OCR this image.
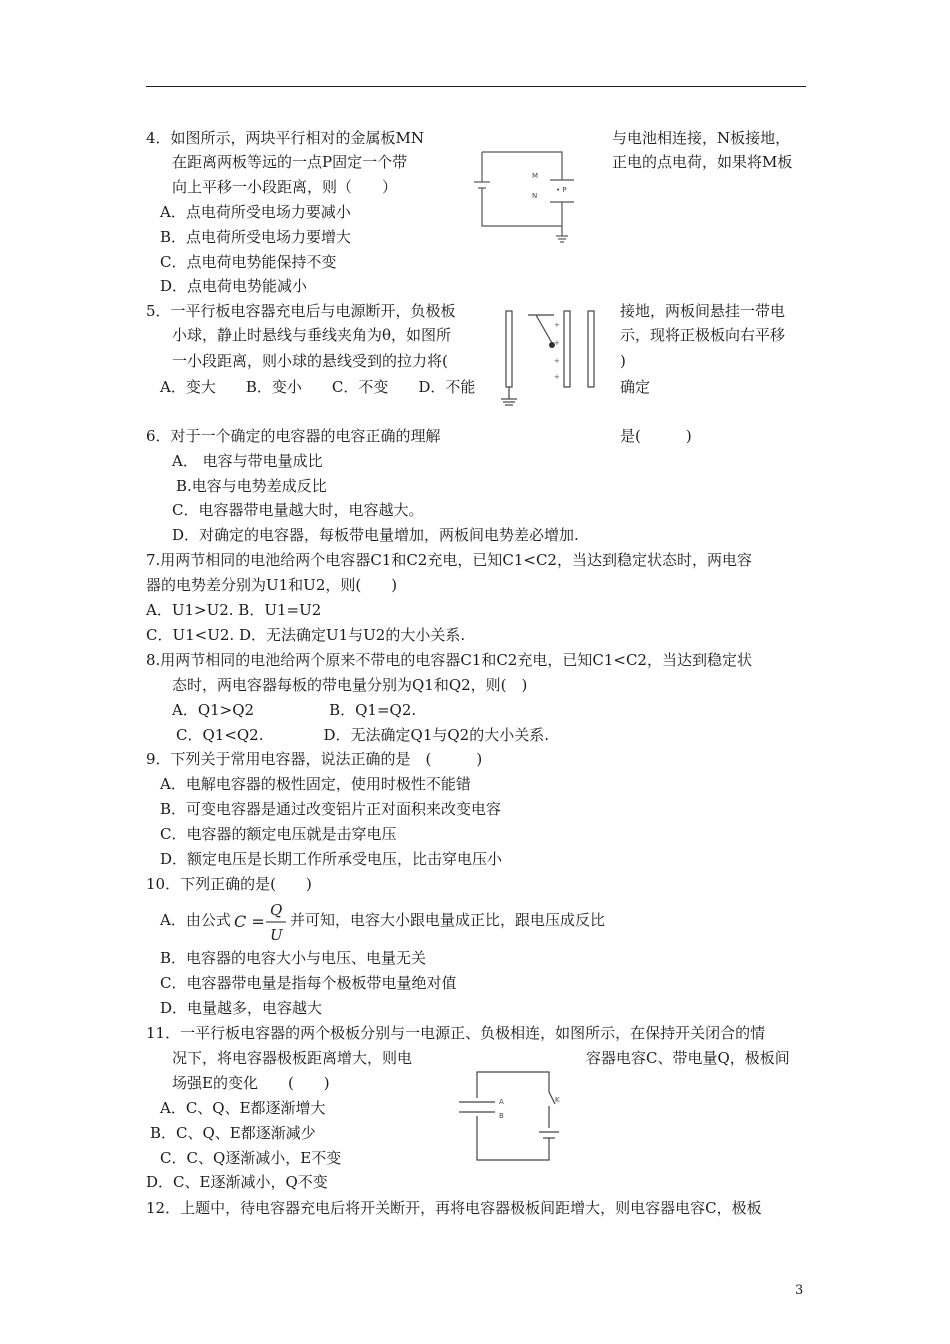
4．如图所示，两块平行相对的金属板MN	与电池相连接，N板接地，
在距离两板等远的一点P固定一个带	正电的点电荷，如果将M板
向上平移一小段距离，则（　　）
A．点电荷所受电场力要减小
B．点电荷所受电场力要增大
C．点电荷电势能保持不变
D．点电荷电势能减小
M
N
• P
5．一平行板电容器充电后与电源断开，负极板	接地，两板间悬挂一带电
小球，静止时悬线与垂线夹角为θ，如图所	示，现将正极板向右平移
一小段距离，则小球的悬线受到的拉力将(	)
A．变大　　B．变小　　C．不变　　D．不能	确定
+
+
+
+
6．对于一个确定的电容器的电容正确的理解	是(　　　)
A． 电容与带电量成比
B.电容与电势差成反比
C．电容器带电量越大时，电容越大。
D．对确定的电容器，每板带电量增加，两板间电势差必增加.
7.用两节相同的电池给两个电容器C1和C2充电，已知C1<C2，当达到稳定状态时，两电容
器的电势差分别为U1和U2，则(　　)
A．U1>U2. B．U1=U2
C．U1<U2. D．无法确定U1与U2的大小关系.
8.用两节相同的电池给两个原来不带电的电容器C1和C2充电，已知C1<C2，当达到稳定状
态时，两电容器每板的带电量分别为Q1和Q2，则(　)
A．Q1>Q2　　　　　B．Q1=Q2.
C．Q1<Q2.　　　　D．无法确定Q1与Q2的大小关系.
9．下列关于常用电容器，说法正确的是　(　　　)
A．电解电容器的极性固定，使用时极性不能错
B．可变电容器是通过改变铝片正对面积来改变电容
C．电容器的额定电压就是击穿电压
D．额定电压是长期工作所承受电压，比击穿电压小
10．下列正确的是(　　)
A．由公式 C =
Q
U
并可知，电容大小跟电量成正比，跟电压成反比
B．电容器的电容大小与电压、电量无关
C．电容器带电量是指每个极板带电量绝对值
D．电量越多，电容越大
11．一平行板电容器的两个极板分别与一电源正、负极相连，如图所示，在保持开关闭合的情
况下，将电容器极板距离增大，则电	容器电容C、带电量Q，极板间
场强E的变化　　(　　)
A．C、Q、E都逐渐增大
B．C、Q、E都逐渐减少
C．C、Q逐渐减小，E不变
D．C、E逐渐减小，Q不变
A
B
K
12．上题中，待电容器充电后将开关断开，再将电容器极板间距增大，则电容器电容C，极板
3
